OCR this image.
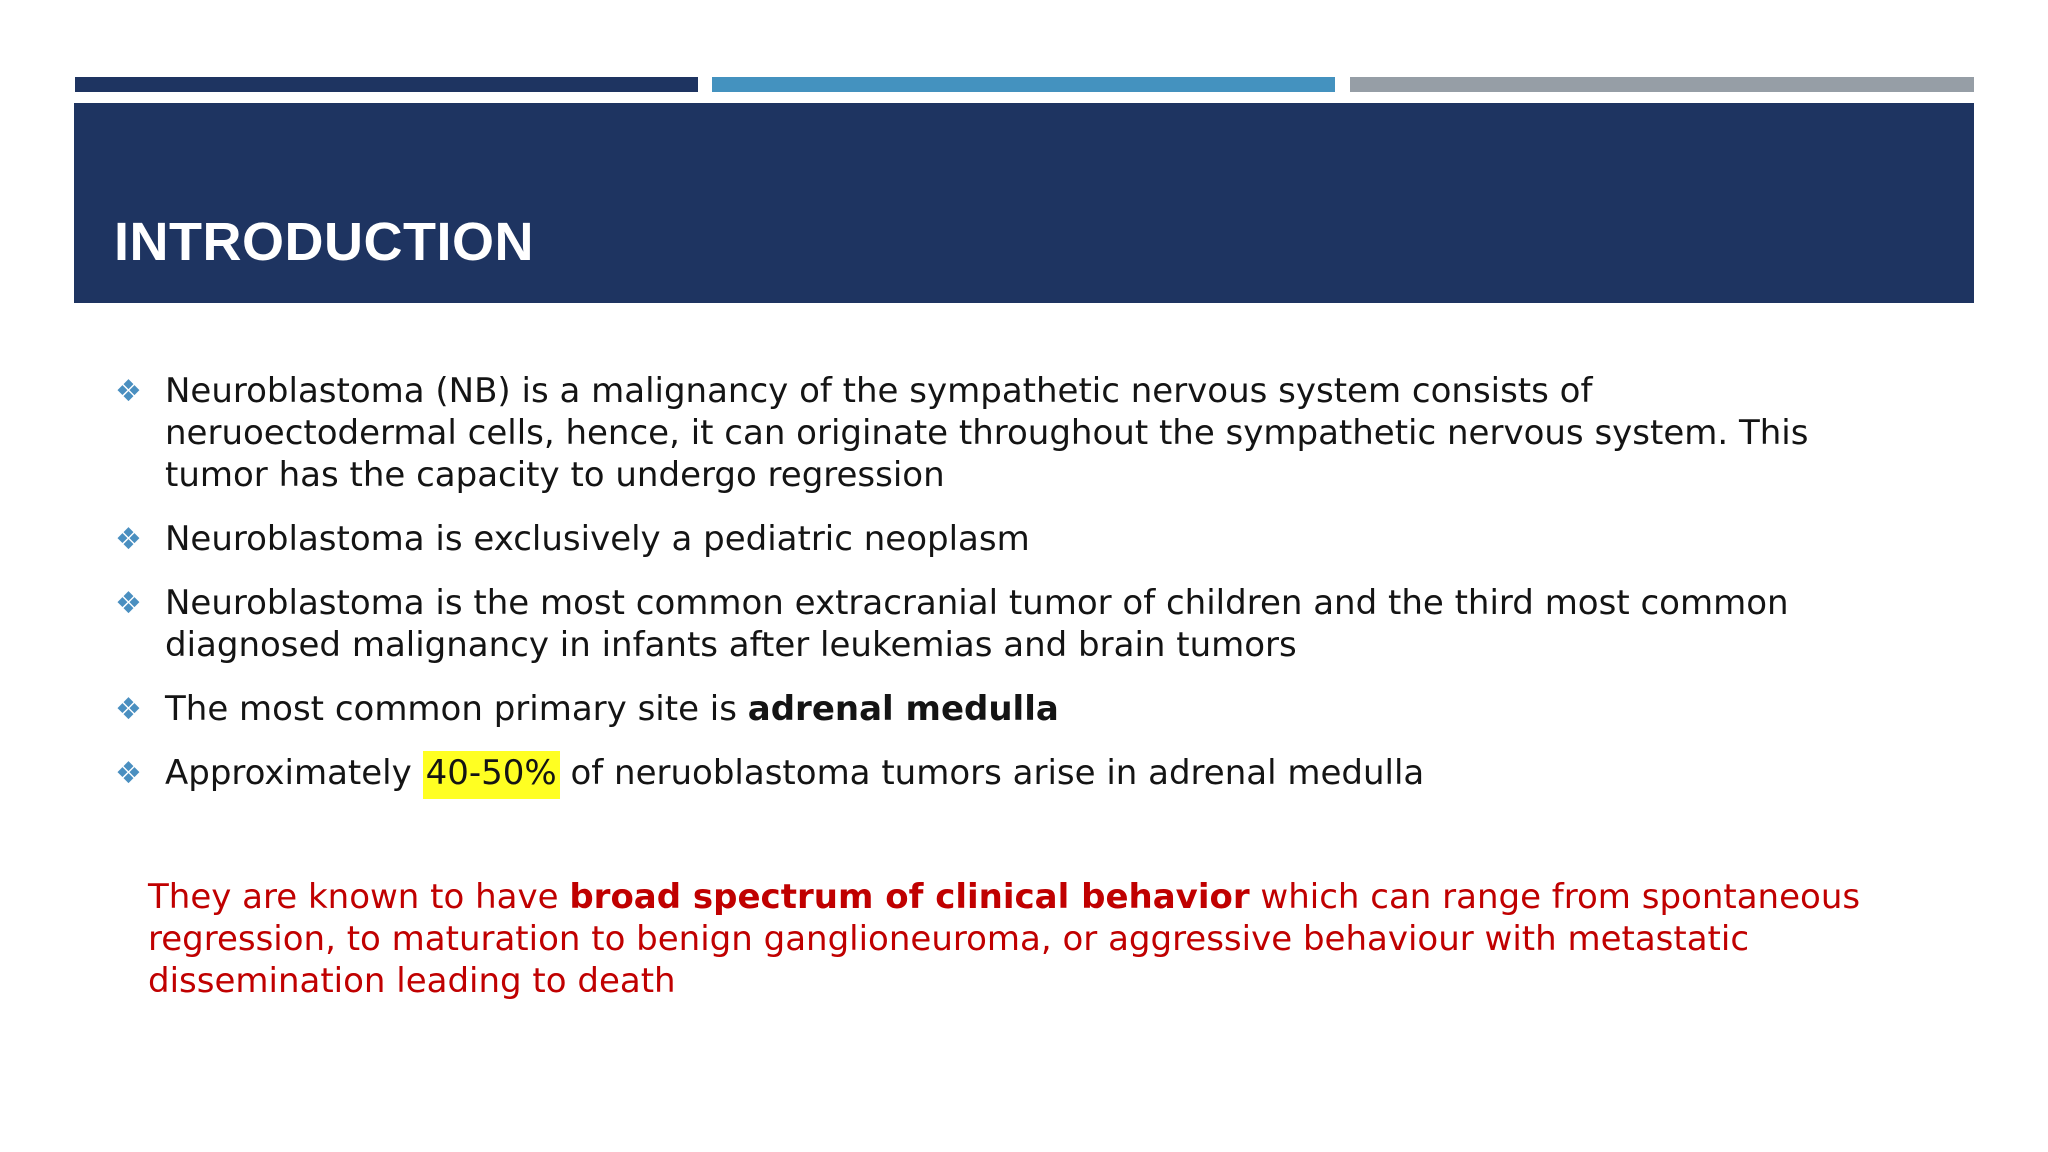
INTRODUCTION
❖ Neuroblastoma (NB) is a malignancy of the sympathetic nervous system consists of neruoectodermal cells, hence, it can originate throughout the sympathetic nervous system. This tumor has the capacity to undergo regression
❖ Neuroblastoma is exclusively a pediatric neoplasm
❖ Neuroblastoma is the most common extracranial tumor of children and the third most common diagnosed malignancy in infants after leukemias and brain tumors
❖ The most common primary site is adrenal medulla
❖ Approximately 40-50% of neruoblastoma tumors arise in adrenal medulla

They are known to have broad spectrum of clinical behavior which can range from spontaneous regression, to maturation to benign ganglioneuroma, or aggressive behaviour with metastatic dissemination leading to death
